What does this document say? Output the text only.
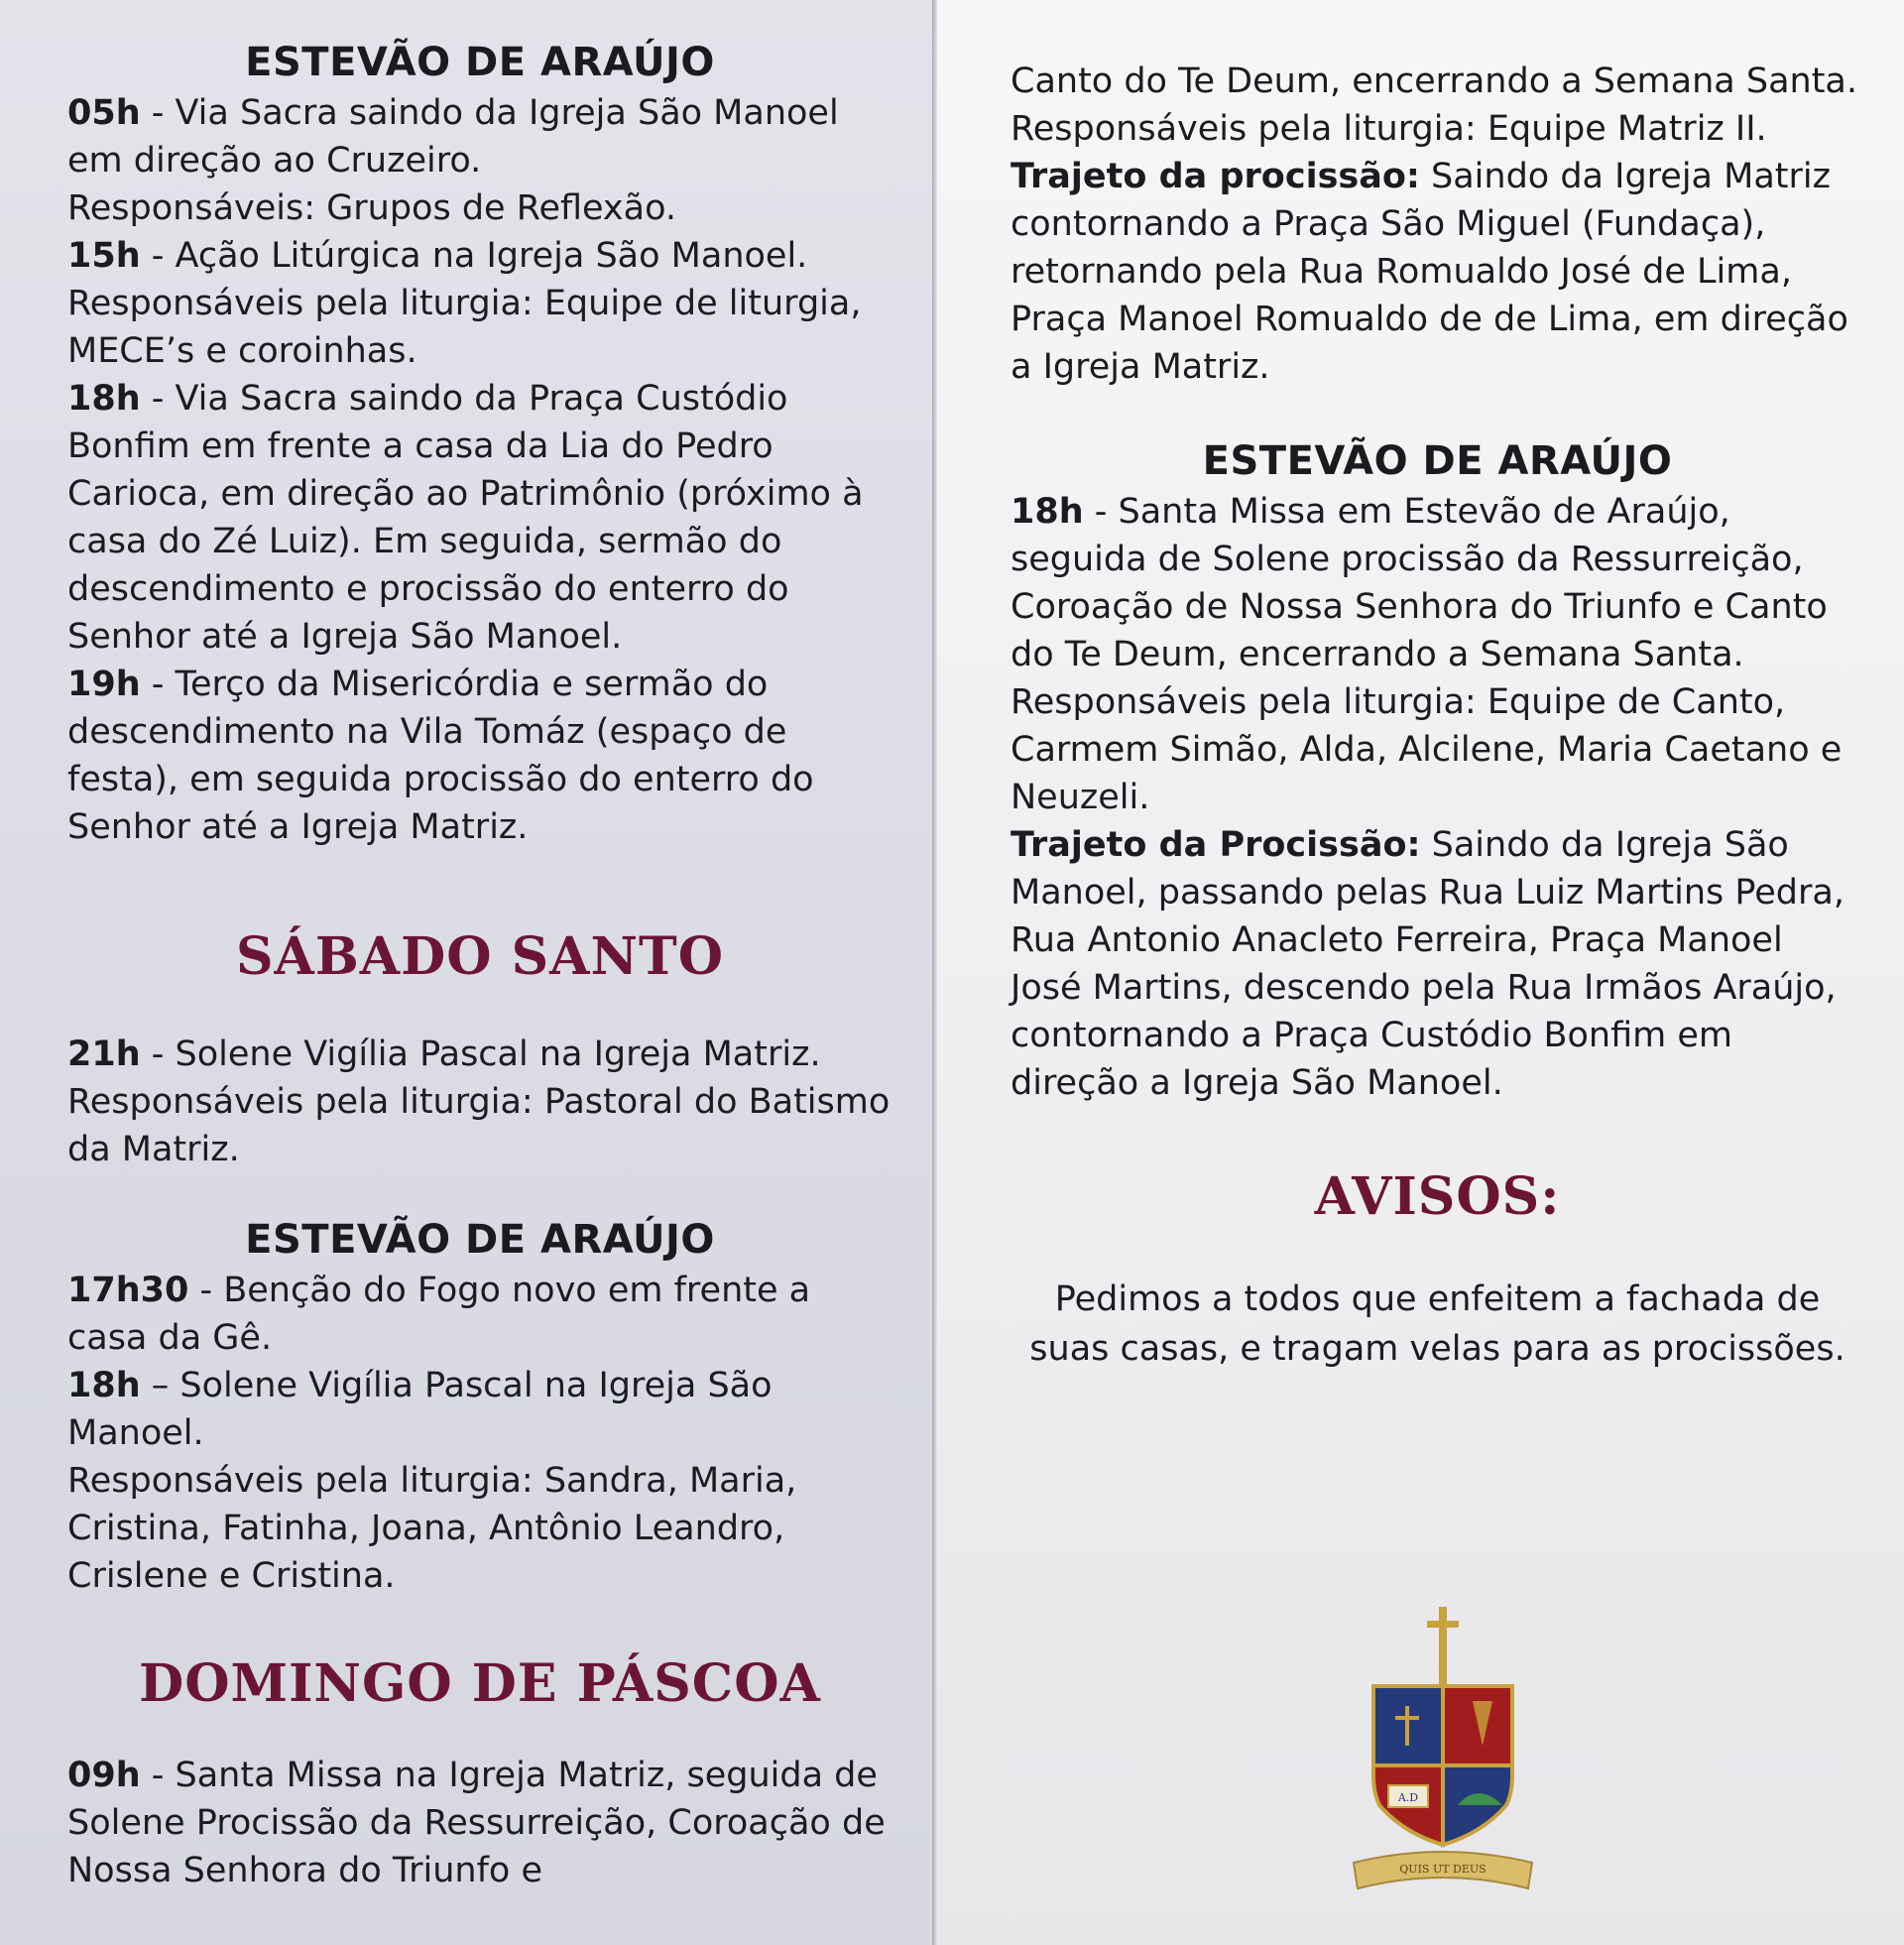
ESTEVÃO DE ARAÚJO

05h - Via Sacra saindo da Igreja São Manoel em direção ao Cruzeiro.

Responsáveis: Grupos de Reflexão.

15h - Ação Litúrgica na Igreja São Manoel.

Responsáveis pela liturgia: Equipe de liturgia, MECE’s e coroinhas.

18h - Via Sacra saindo da Praça Custódio Bonfim em frente a casa da Lia do Pedro Carioca, em direção ao Patrimônio (próximo à casa do Zé Luiz). Em seguida, sermão do descendimento e procissão do enterro do Senhor até a Igreja São Manoel.

19h - Terço da Misericórdia e sermão do descendimento na Vila Tomáz (espaço de festa), em seguida procissão do enterro do Senhor até a Igreja Matriz.

SÁBADO SANTO

21h - Solene Vigília Pascal na Igreja Matriz.

Responsáveis pela liturgia: Pastoral do Batismo da Matriz.

ESTEVÃO DE ARAÚJO

17h30 - Benção do Fogo novo em frente a casa da Gê.

18h – Solene Vigília Pascal na Igreja São Manoel.

Responsáveis pela liturgia: Sandra, Maria, Cristina, Fatinha, Joana, Antônio Leandro, Crislene e Cristina.

DOMINGO DE PÁSCOA

09h - Santa Missa na Igreja Matriz, seguida de Solene Procissão da Ressurreição, Coroação de Nossa Senhora do Triunfo e

Canto do Te Deum, encerrando a Semana Santa.

Responsáveis pela liturgia: Equipe Matriz II.

Trajeto da procissão: Saindo da Igreja Matriz contornando a Praça São Miguel (Fundaça), retornando pela Rua Romualdo José de Lima, Praça Manoel Romualdo de de Lima, em direção a Igreja Matriz.

ESTEVÃO DE ARAÚJO

18h - Santa Missa em Estevão de Araújo, seguida de Solene procissão da Ressurreição, Coroação de Nossa Senhora do Triunfo e Canto do Te Deum, encerrando a Semana Santa.

Responsáveis pela liturgia: Equipe de Canto, Carmem Simão, Alda, Alcilene, Maria Caetano e Neuzeli.

Trajeto da Procissão: Saindo da Igreja São Manoel, passando pelas Rua Luiz Martins Pedra, Rua Antonio Anacleto Ferreira, Praça Manoel José Martins, descendo pela Rua Irmãos Araújo, contornando a Praça Custódio Bonfim em direção a Igreja São Manoel.

AVISOS:

Pedimos a todos que enfeitem a fachada de suas casas, e tragam velas para as procissões.

A.D
QUIS UT DEUS
